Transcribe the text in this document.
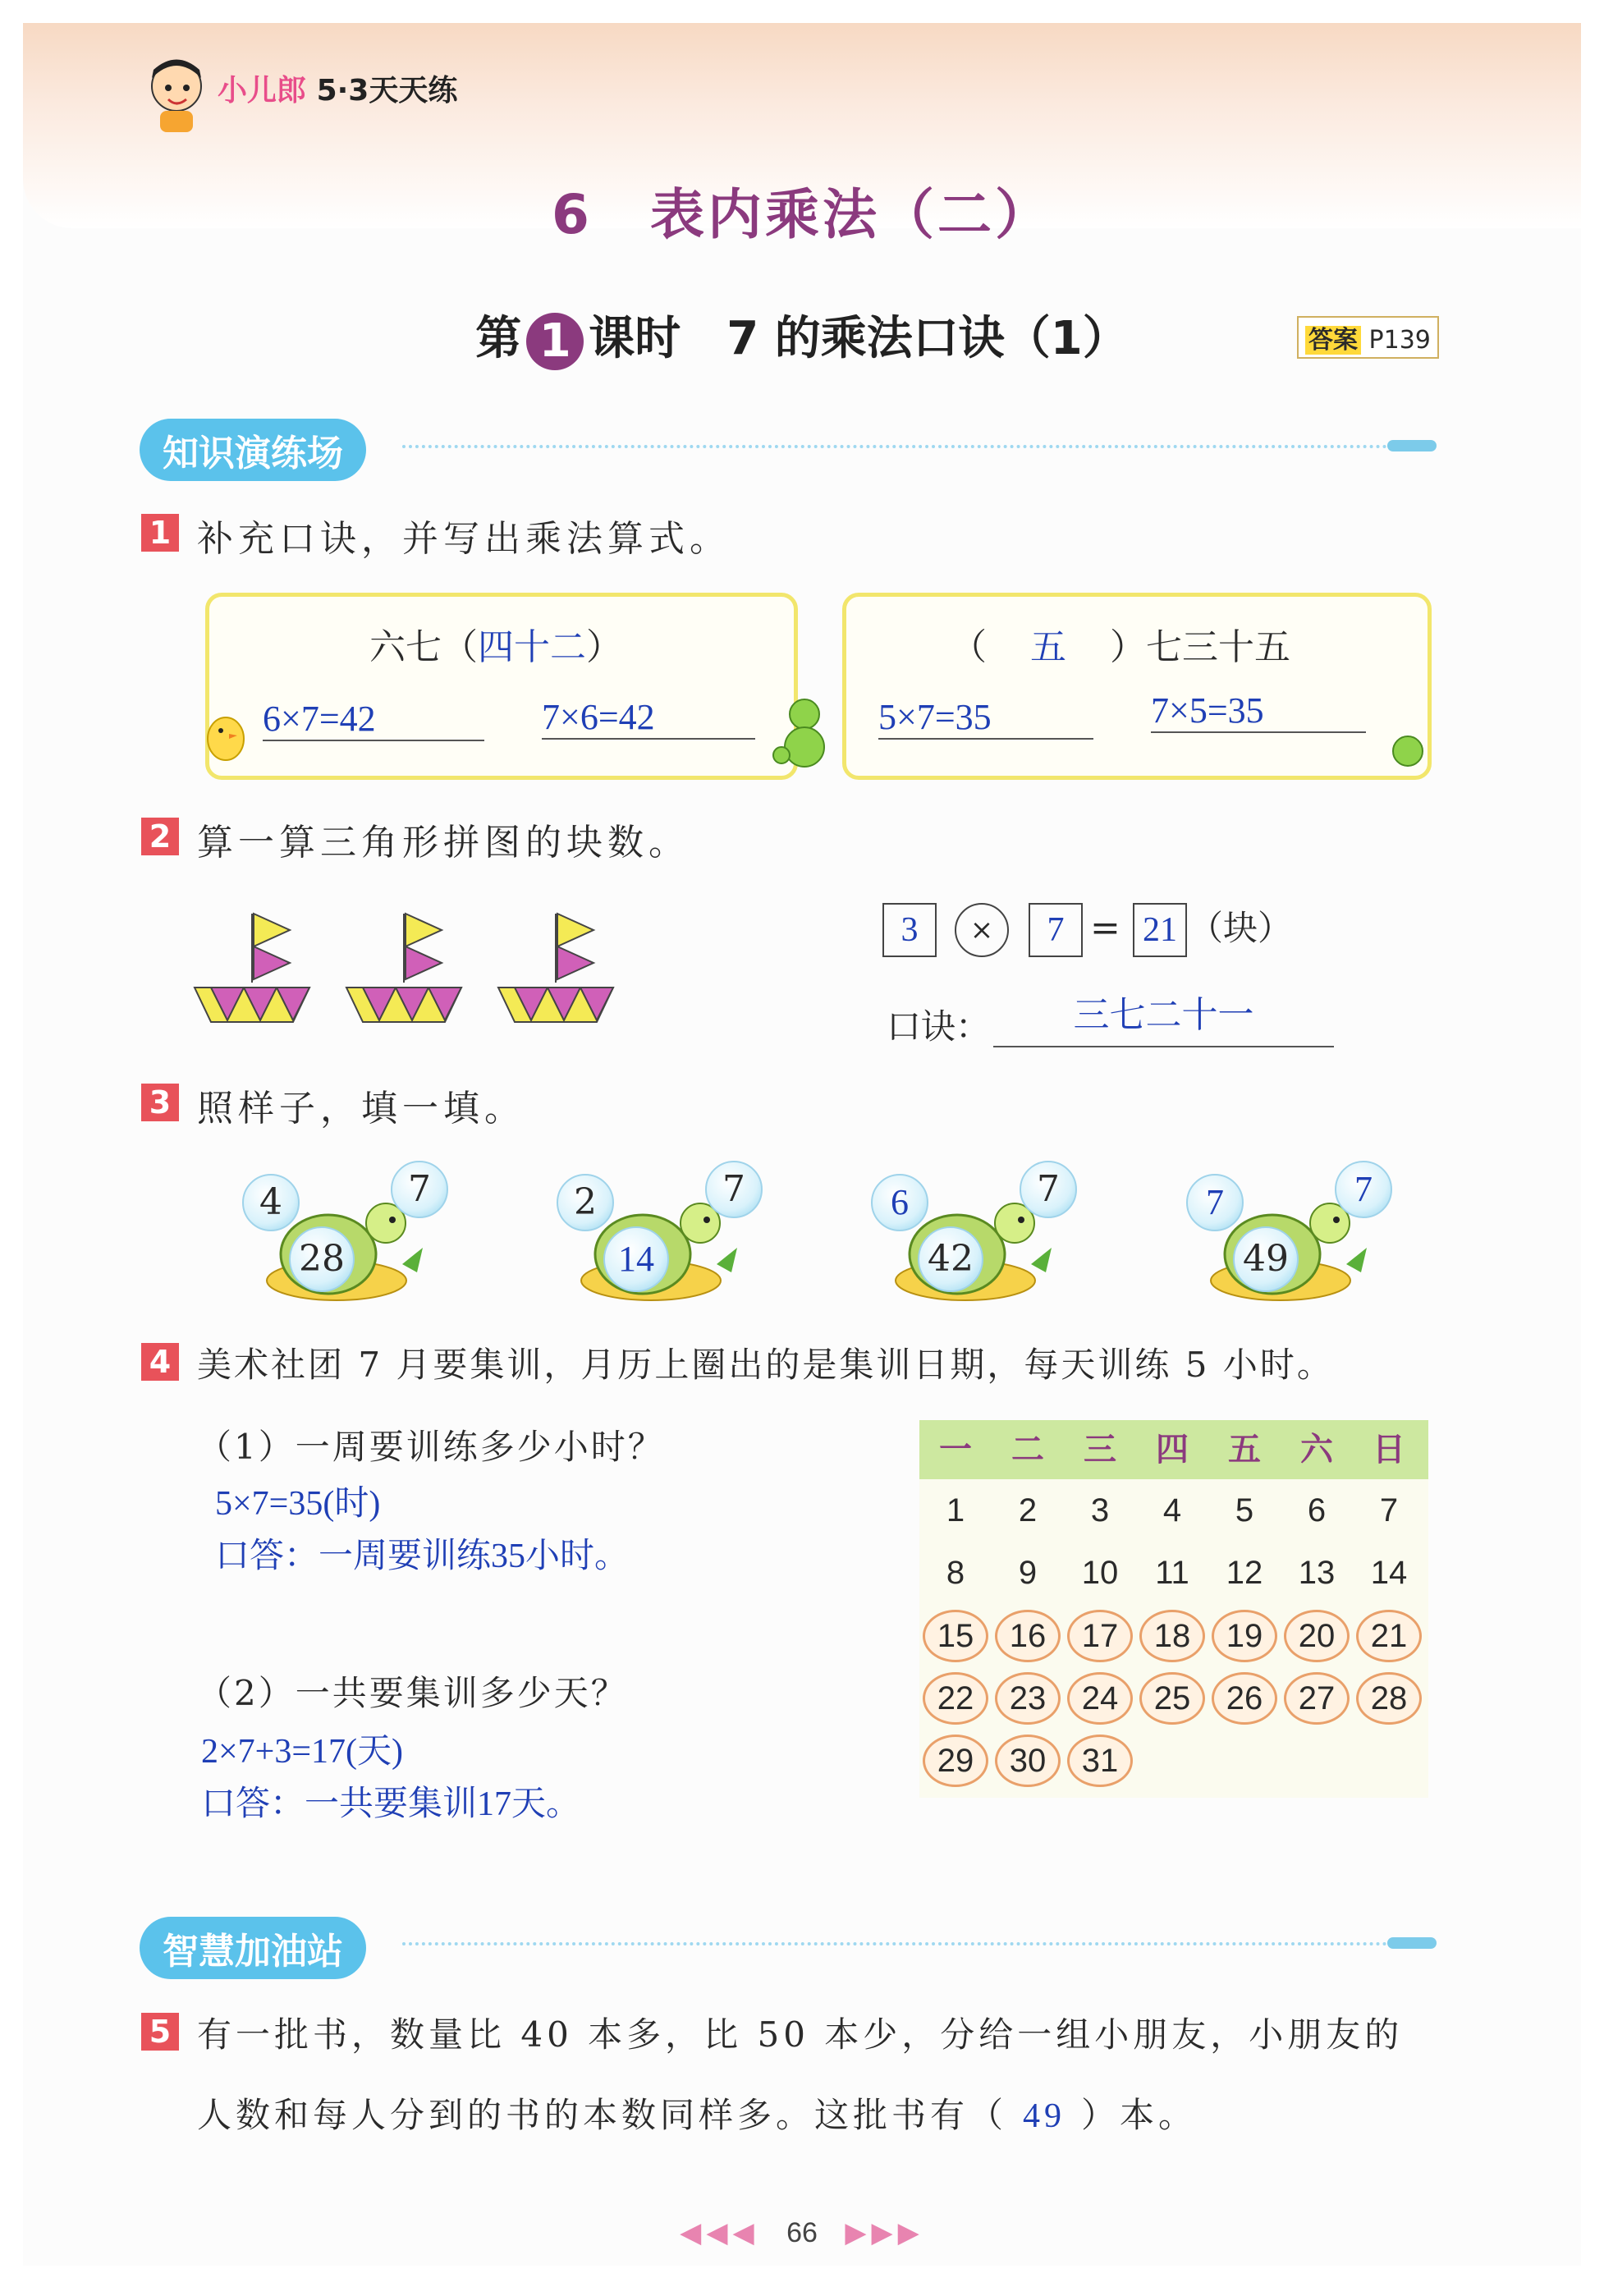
小儿郎 5·3天天练
6　表内乘法（二）
第 1 课时　7 的乘法口诀（1）	答案 P139
知识演练场
1 补充口诀，并写出乘法算式。
六七（四十二）
6×7=42	7×6=42
（ 五 ）七三十五
5×7=35	7×5=35
2 算一算三角形拼图的块数。
3	×	7 = 21 （块）
口诀：	三七二十一
3 照样子，填一填。
4	7
28
2	7
14
6	7
42
7	7
49
4 美术社团 7 月要集训，月历上圈出的是集训日期，每天训练 5 小时。
（1）一周要训练多少小时？
5×7=35(时)
口答：一周要训练35小时。
（2）一共要集训多少天？
2×7+3=17(天)
口答：一共要集训17天。
一 二 三 四 五 六 日
1 2 3 4 5 6 7
8 9 10 11 12 13 14
15 16 17 18 19 20 21
22 23 24 25 26 27 28
29 30 31
智慧加油站
5 有一批书，数量比 40 本多，比 50 本少，分给一组小朋友，小朋友的
人数和每人分到的书的本数同样多。这批书有（ 49 ）本。
◀◀◀ 66 ▶▶▶
